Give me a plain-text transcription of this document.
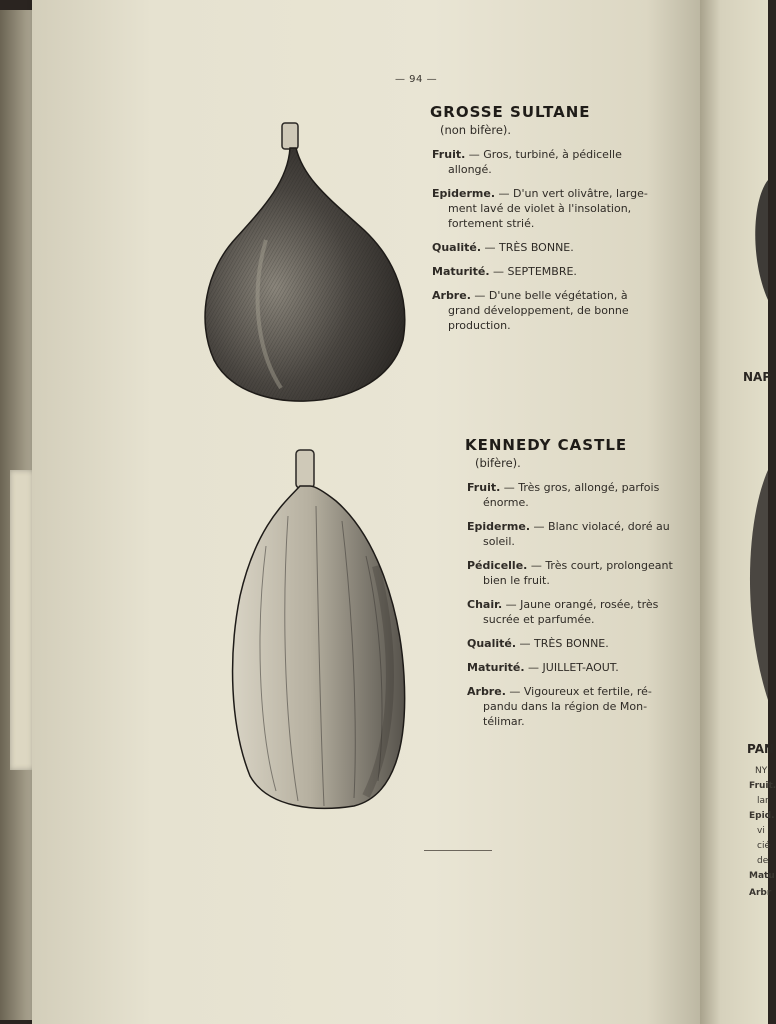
— 94 —
GROSSE SULTANE
(non bifère).
Fruit. — Gros, turbiné, à pédicelle
allongé.
Epiderme. — D'un vert olivâtre, large-
ment lavé de violet à l'insolation, fortement strié.
Qualité. — TRÈS BONNE.
Maturité. — SEPTEMBRE.
Arbre. — D'une belle végétation, à
grand développement, de bonne production.
KENNEDY CASTLE
(bifère).
Fruit. — Très gros, allongé, parfois
énorme.
Epiderme. — Blanc violacé, doré au
soleil.
Pédicelle. — Très court, prolongeant
bien le fruit.
Chair. — Jaune orangé, rosée, très
sucrée et parfumée.
Qualité. — TRÈS BONNE.
Maturité. — JUILLET-AOUT.
Arbre. — Vigoureux et fertile, ré-
pandu dans la région de Mon-télimar.
NAP
PAN
NY
Fruit.
lar
Epid.
vi
cié
de
Matu
Arbr
